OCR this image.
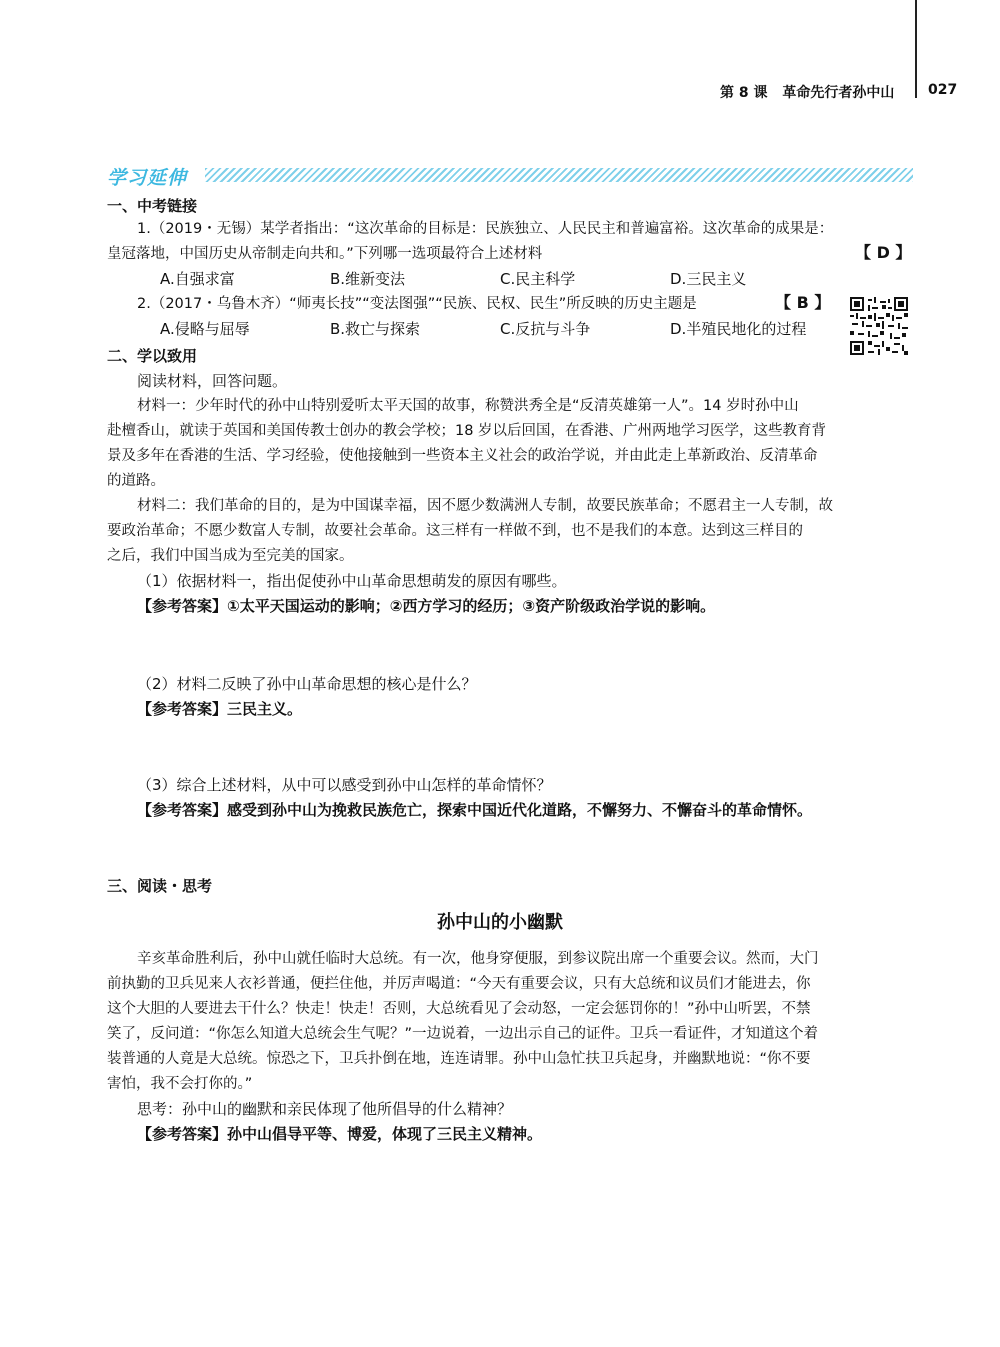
第 8 课 革命先行者孙中山 027
学习延伸
一、中考链接
1.（2019・无锡）某学者指出：“这次革命的目标是：民族独立、人民民主和普遍富裕。这次革命的成果是：
皇冠落地，中国历史从帝制走向共和。”下列哪一选项最符合上述材料	【 D 】
A.自强求富	B.维新变法	C.民主科学	D.三民主义
2.（2017・乌鲁木齐）“师夷长技”“变法图强”“民族、民权、民生”所反映的历史主题是	【 B 】
A.侵略与屈辱	B.救亡与探索	C.反抗与斗争	D.半殖民地化的过程
二、学以致用
阅读材料，回答问题。
材料一：少年时代的孙中山特别爱听太平天国的故事，称赞洪秀全是“反清英雄第一人”。14 岁时孙中山
赴檀香山，就读于英国和美国传教士创办的教会学校；18 岁以后回国，在香港、广州两地学习医学，这些教育背
景及多年在香港的生活、学习经验，使他接触到一些资本主义社会的政治学说，并由此走上革新政治、反清革命
的道路。
材料二：我们革命的目的，是为中国谋幸福，因不愿少数满洲人专制，故要民族革命；不愿君主一人专制，故
要政治革命；不愿少数富人专制，故要社会革命。这三样有一样做不到，也不是我们的本意。达到这三样目的
之后，我们中国当成为至完美的国家。
（1）依据材料一，指出促使孙中山革命思想萌发的原因有哪些。
【参考答案】①太平天国运动的影响；②西方学习的经历；③资产阶级政治学说的影响。
（2）材料二反映了孙中山革命思想的核心是什么？
【参考答案】三民主义。
（3）综合上述材料，从中可以感受到孙中山怎样的革命情怀？
【参考答案】感受到孙中山为挽救民族危亡，探索中国近代化道路，不懈努力、不懈奋斗的革命情怀。
三、阅读・思考
孙中山的小幽默
辛亥革命胜利后，孙中山就任临时大总统。有一次，他身穿便服，到参议院出席一个重要会议。然而，大门
前执勤的卫兵见来人衣衫普通，便拦住他，并厉声喝道：“今天有重要会议，只有大总统和议员们才能进去，你
这个大胆的人要进去干什么？快走！快走！否则，大总统看见了会动怒，一定会惩罚你的！”孙中山听罢，不禁
笑了，反问道：“你怎么知道大总统会生气呢？”一边说着，一边出示自己的证件。卫兵一看证件，才知道这个着
装普通的人竟是大总统。惊恐之下，卫兵扑倒在地，连连请罪。孙中山急忙扶卫兵起身，并幽默地说：“你不要
害怕，我不会打你的。”
思考：孙中山的幽默和亲民体现了他所倡导的什么精神？
【参考答案】孙中山倡导平等、博爱，体现了三民主义精神。
